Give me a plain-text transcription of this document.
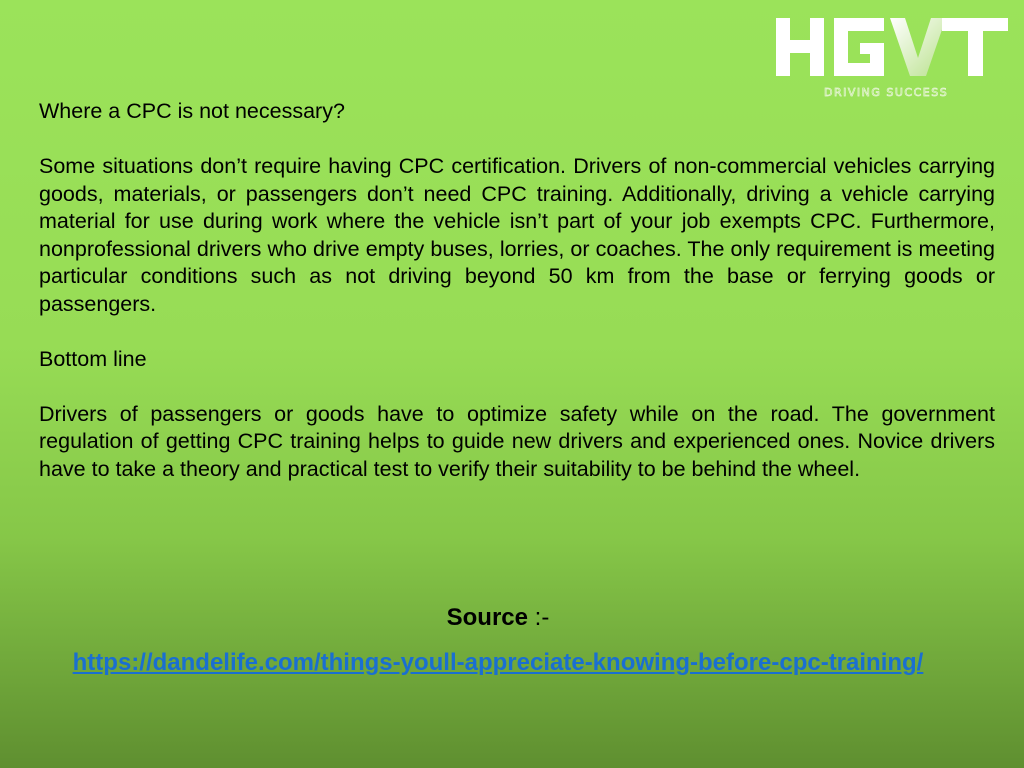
DRIVING SUCCESS

Where a CPC is not necessary?

Some situations don’t require having CPC certification. Drivers of non-commercial vehicles carrying goods, materials, or passengers don’t need CPC training. Additionally, driving a vehicle carrying material for use during work where the vehicle isn’t part of your job exempts CPC. Furthermore, nonprofessional drivers who drive empty buses, lorries, or coaches. The only requirement is meeting particular conditions such as not driving beyond 50 km from the base or ferrying goods or passengers.

Bottom line

Drivers of passengers or goods have to optimize safety while on the road. The government regulation of getting CPC training helps to guide new drivers and experienced ones. Novice drivers have to take a theory and practical test to verify their suitability to be behind the wheel.

Source :-
https://dandelife.com/things-youll-appreciate-knowing-before-cpc-training/
